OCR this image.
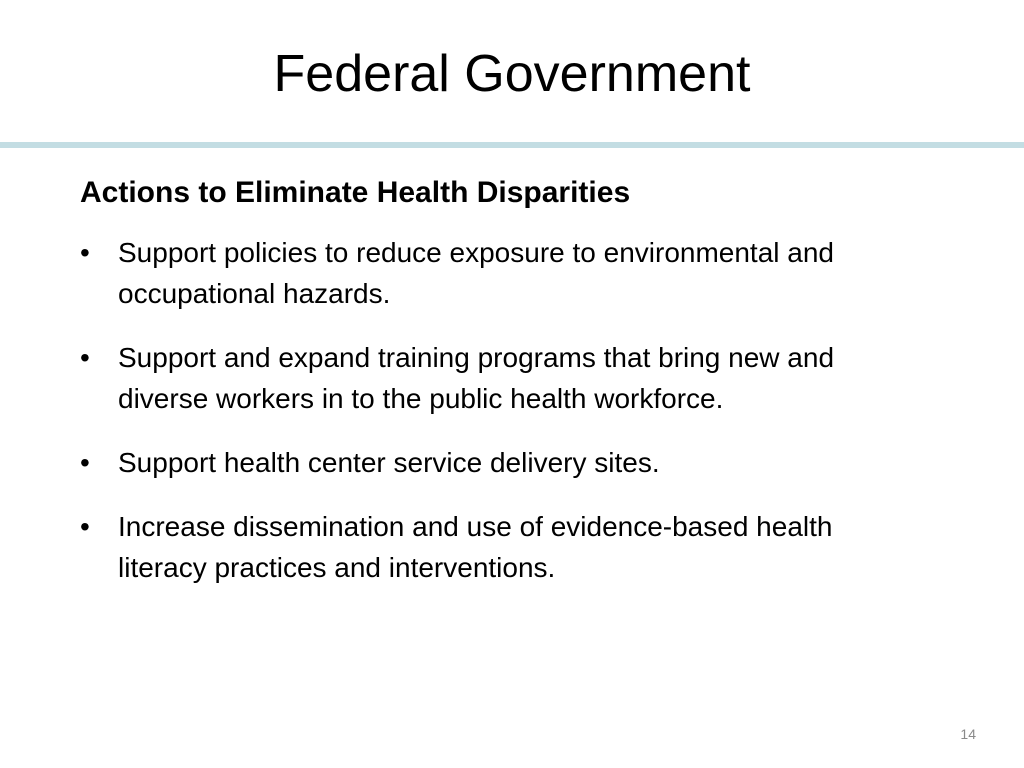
Federal Government
Actions to Eliminate Health Disparities
• Support policies to reduce exposure to environmental and occupational hazards.
• Support and expand training programs that bring new and diverse workers in to the public health workforce.
• Support health center service delivery sites.
• Increase dissemination and use of evidence-based health literacy practices and interventions.
14
